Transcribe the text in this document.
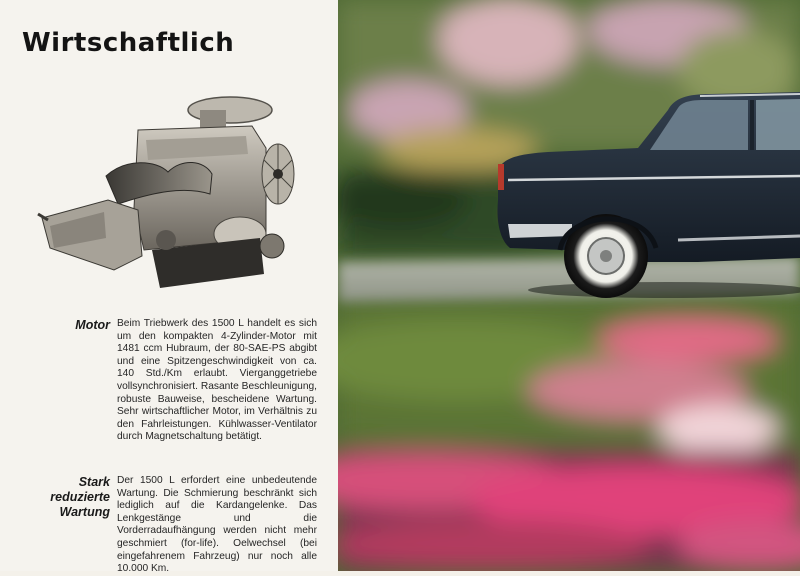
Wirtschaftlich
Motor Beim Triebwerk des 1500 L handelt es sich um den kompakten 4-Zylinder-Motor mit 1481 ccm Hubraum, der 80-SAE-PS abgibt und eine Spitzengeschwindigkeit von ca. 140 Std./Km erlaubt. Vierganggetriebe vollsynchronisiert. Rasante Beschleunigung, robuste Bauweise, bescheidene Wartung. Sehr wirtschaftlicher Motor, im Verhältnis zu den Fahrleistungen. Kühlwasser-Ventilator durch Magnetschaltung betätigt.

Stark
reduzierte
Wartung

Der 1500 L erfordert eine unbedeutende Wartung. Die Schmierung beschränkt sich lediglich auf die Kardangelenke. Das Lenkgestänge und die Vorderradaufhängung werden nicht mehr geschmiert (for-life). Oelwechsel (bei eingefahrenem Fahrzeug) nur noch alle 10.000 Km.
